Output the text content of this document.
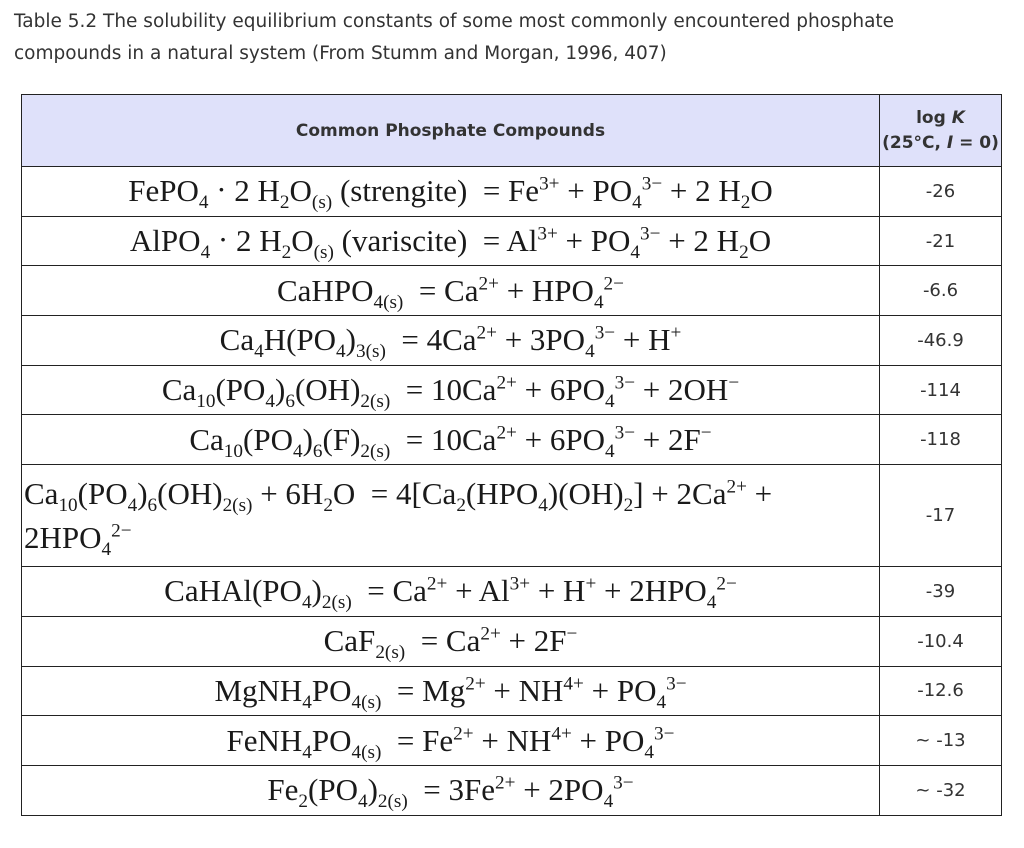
Table 5.2 The solubility equilibrium constants of some most commonly encountered phosphate compounds in a natural system (From Stumm and Morgan, 1996, 407)
Common Phosphate Compounds	log K
(25°C, I = 0)

FePO$_4$ · 2 $H_2O_{(s)}$ (strengite)  = $Fe^{3+} + PO_4^{3-} + 2$ $H_2O$	-26
AlPO$_4$ · 2 $H_2O_{(s)}$ (variscite)  = $Al^{3+} + PO_4^{3-} + 2$ $H_2O$	-21
CaHPO$_{4(s)}$  = $Ca^{2+} + HPO_4^{2-}$	-6.6
$Ca_4H(PO_4)_{3(s)} = 4Ca^{2+} + 3PO_4^{3-} + H^+$	-46.9
$Ca_{10}(PO_4)_6(OH)_{2(s)} = 10Ca^{2+} + 6PO_4^{3-} + 2OH^-$	-114
$Ca_{10}(PO_4)_6(F)_{2(s)} = 10Ca^{2+} + 6PO_4^{3-} + 2F^-$	-118
$Ca_{10}(PO_4)_6(OH)_{2(s)} + 6H_2O = 4[Ca_2(HPO_4)(OH)_2] + 2Ca^{2+} + 2HPO_4^{2-}$	-17
$CaHAl(PO_4)_{2(s)} = Ca^{2+} + Al^{3+} + H^+ + 2HPO_4^{2-}$	-39
$CaF_{2(s)} = Ca^{2+} + 2F^-$	-10.4
$MgNH_4PO_{4(s)} = Mg^{2+} + NH^{4+} + PO_4^{3-}$	-12.6
$FeNH_4PO_{4(s)} = Fe^{2+} + NH^{4+} + PO_4^{3-}$	~ -13
$Fe_2(PO_4)_{2(s)} = 3Fe^{2+} + 2PO_4^{3-}$	~ -32
